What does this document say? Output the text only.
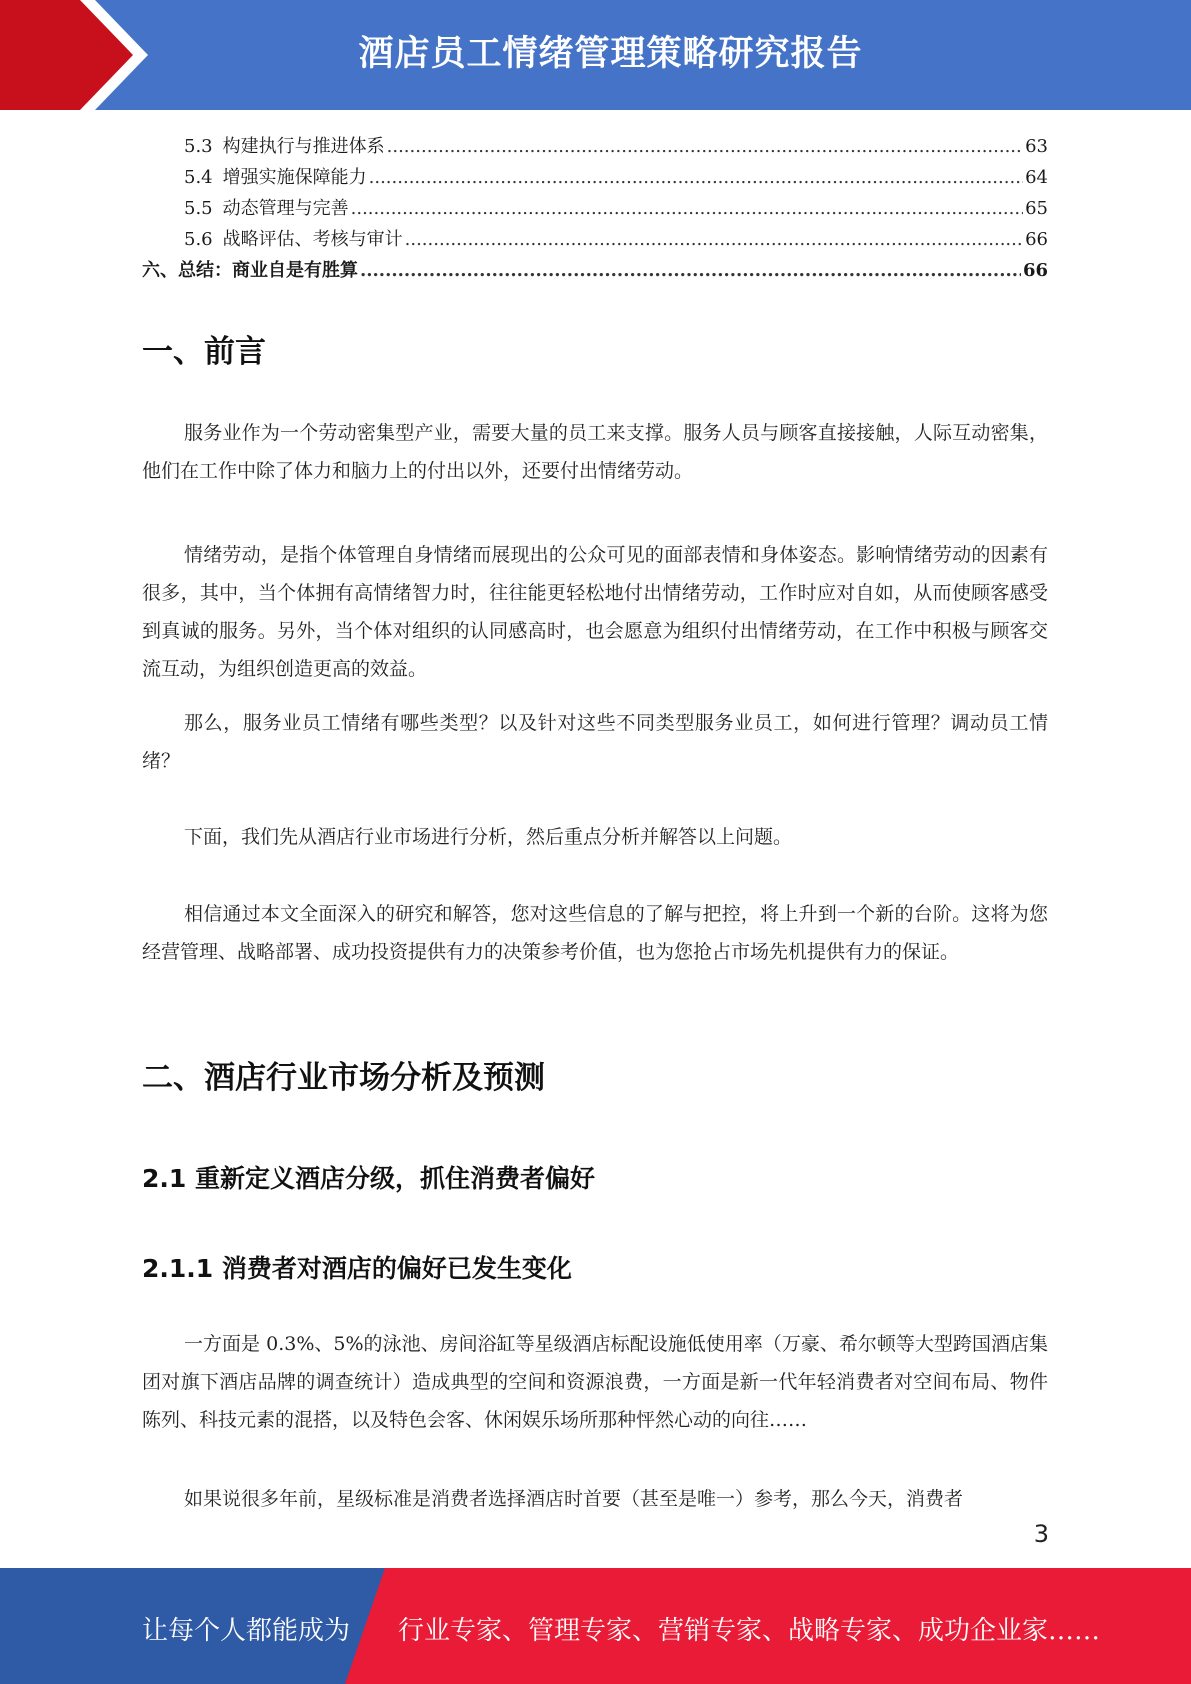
酒店员工情绪管理策略研究报告
5.3 构建执行与推进体系 .....	63
5.4 增强实施保障能力 .....	64
5.5 动态管理与完善 .....	65
5.6 战略评估、考核与审计 .....	66
六、总结：商业自是有胜算 .....	66
一、前言

服务业作为一个劳动密集型产业，需要大量的员工来支撑。服务人员与顾客直接接触，人际互动密集，他们在工作中除了体力和脑力上的付出以外，还要付出情绪劳动。

情绪劳动，是指个体管理自身情绪而展现出的公众可见的面部表情和身体姿态。影响情绪劳动的因素有很多，其中，当个体拥有高情绪智力时，往往能更轻松地付出情绪劳动，工作时应对自如，从而使顾客感受到真诚的服务。另外，当个体对组织的认同感高时，也会愿意为组织付出情绪劳动，在工作中积极与顾客交流互动，为组织创造更高的效益。

那么，服务业员工情绪有哪些类型？以及针对这些不同类型服务业员工，如何进行管理？调动员工情绪？

下面，我们先从酒店行业市场进行分析，然后重点分析并解答以上问题。

相信通过本文全面深入的研究和解答，您对这些信息的了解与把控，将上升到一个新的台阶。这将为您经营管理、战略部署、成功投资提供有力的决策参考价值，也为您抢占市场先机提供有力的保证。

二、酒店行业市场分析及预测
2.1 重新定义酒店分级，抓住消费者偏好
2.1.1 消费者对酒店的偏好已发生变化

一方面是 0.3%、5%的泳池、房间浴缸等星级酒店标配设施低使用率（万豪、希尔顿等大型跨国酒店集团对旗下酒店品牌的调查统计）造成典型的空间和资源浪费，一方面是新一代年轻消费者对空间布局、物件陈列、科技元素的混搭，以及特色会客、休闲娱乐场所那种怦然心动的向往……

如果说很多年前，星级标准是消费者选择酒店时首要（甚至是唯一）参考，那么今天，消费者

3
让每个人都能成为 行业专家、管理专家、营销专家、战略专家、成功企业家……
